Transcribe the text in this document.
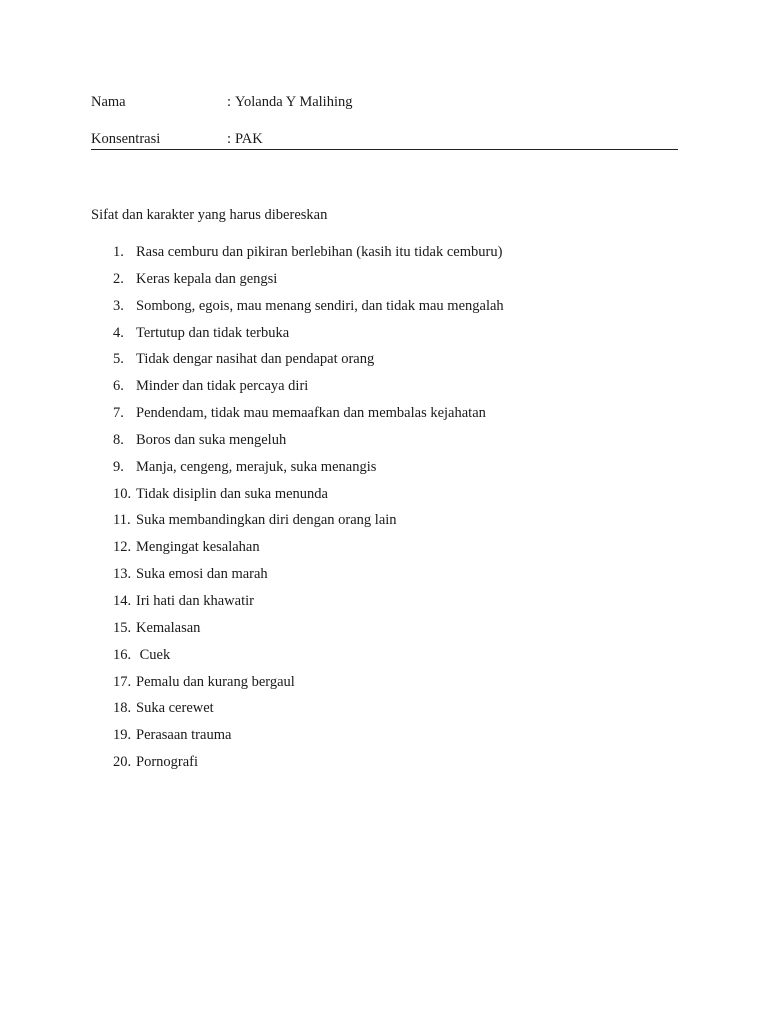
Nama	: Yolanda Y Malihing
Konsentrasi	: PAK
Sifat dan karakter yang harus dibereskan
1. Rasa cemburu dan pikiran berlebihan (kasih itu tidak cemburu)
2. Keras kepala dan gengsi
3. Sombong, egois, mau menang sendiri, dan tidak mau mengalah
4. Tertutup dan tidak terbuka
5. Tidak dengar nasihat dan pendapat orang
6. Minder dan tidak percaya diri
7. Pendendam, tidak mau memaafkan dan membalas kejahatan
8. Boros dan suka mengeluh
9. Manja, cengeng, merajuk, suka menangis
10. Tidak disiplin dan suka menunda
11. Suka membandingkan diri dengan orang lain
12. Mengingat kesalahan
13. Suka emosi dan marah
14. Iri hati dan khawatir
15. Kemalasan
16. Cuek
17. Pemalu dan kurang bergaul
18. Suka cerewet
19. Perasaan trauma
20. Pornografi
